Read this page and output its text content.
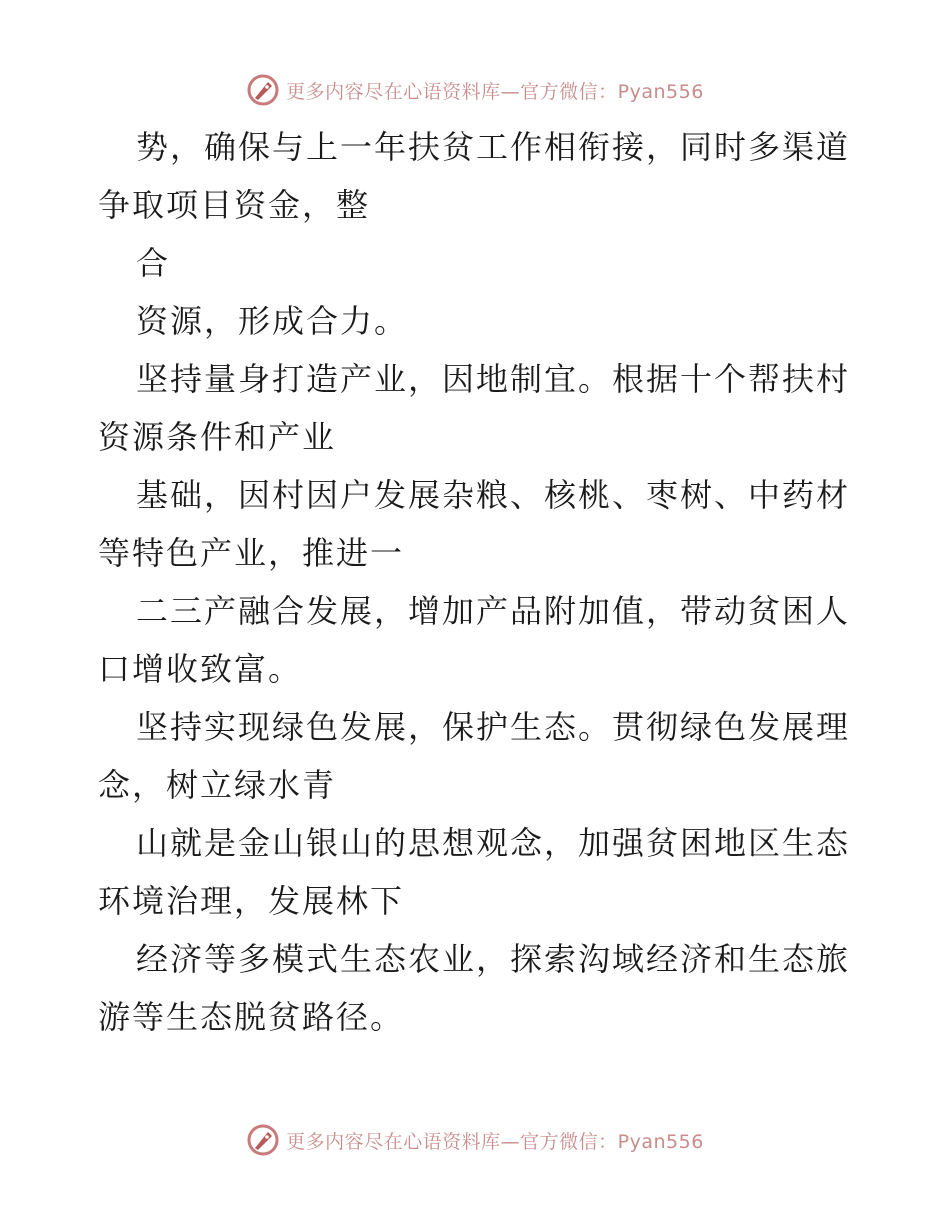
更多内容尽在心语资料库—官方微信：Pyan556
势，确保与上一年扶贫工作相衔接，同时多渠道
争取项目资金，整
合
资源，形成合力。
坚持量身打造产业，因地制宜。根据十个帮扶村
资源条件和产业
基础，因村因户发展杂粮、核桃、枣树、中药材
等特色产业，推进一
二三产融合发展，增加产品附加值，带动贫困人
口增收致富。
坚持实现绿色发展，保护生态。贯彻绿色发展理
念，树立绿水青
山就是金山银山的思想观念，加强贫困地区生态
环境治理，发展林下
经济等多模式生态农业，探索沟域经济和生态旅
游等生态脱贫路径。
更多内容尽在心语资料库—官方微信：Pyan556
